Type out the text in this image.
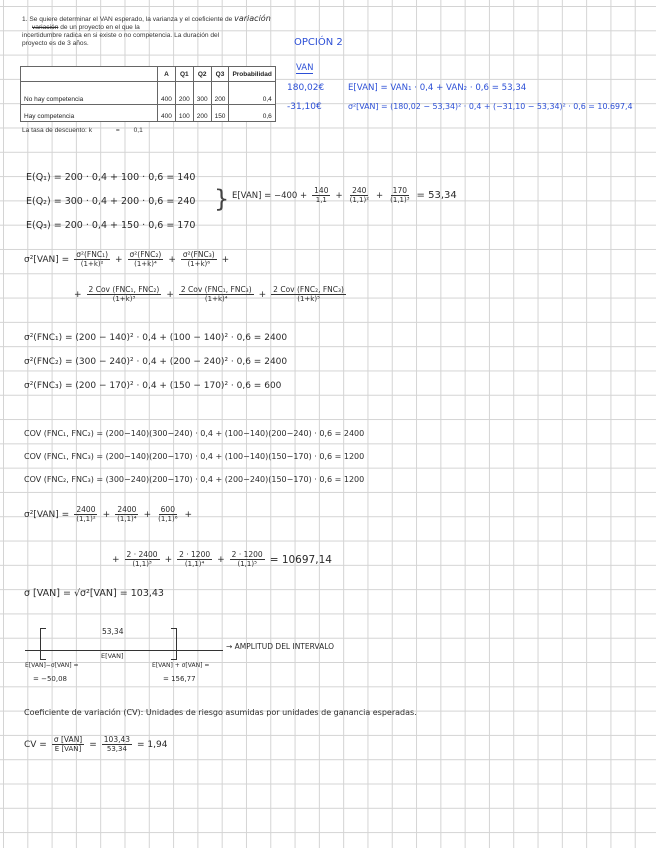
1. Se quiere determinar el VAN esperado, la varianza y el coeficiente de variación
variación de un proyecto en el que la
incertidumbre radica en si existe o no competencia. La duración del
proyecto es de 3 años.
	A	Q1	Q2	Q3	Probabilidad
No hay competencia	400	200	300	200	0,4
Hay competencia	400	100	200	150	0,6
La tasa de descuento: k	= 0,1
OPCIÓN 2
VAN
180,02€
-31,10€
E[VAN] = VAN₁ · 0,4 + VAN₂ · 0,6 = 53,34
σ²[VAN] = (180,02 − 53,34)² · 0,4 + (−31,10 − 53,34)² · 0,6 = 10.697,4
E(Q₁) = 200 · 0,4 + 100 · 0,6 = 140
E(Q₂) = 300 · 0,4 + 200 · 0,6 = 240
E(Q₃) = 200 · 0,4 + 150 · 0,6 = 170
} $E[VAN] = -400 + \frac{140}{1,1} + \frac{240}{\text{(1,1)²}} + \frac{170}{\text{(1,1)³}} = 53,34$
$\sigma^2[VAN] = \frac{\text{σ²(FNC₁)}}{\text{(1+k)²}} + \frac{\text{σ²(FNC₂)}}{\text{(1+k)⁴}} + \frac{\text{σ²(FNC₃)}}{\text{(1+k)⁶}}$ +
+ $\frac{\text{2 Cov (FNC₁, FNC₂)}}{\text{(1+k)³}} + \frac{\text{2 Cov (FNC₁, FNC₃)}}{\text{(1+k)⁴}} + \frac{\text{2 Cov (FNC₂, FNC₃)}}{\text{(1+k)⁵}}$
σ²(FNC₁) = (200 − 140)² · 0,4 + (100 − 140)² · 0,6 = 2400
σ²(FNC₂) = (300 − 240)² · 0,4 + (200 − 240)² · 0,6 = 2400
σ²(FNC₃) = (200 − 170)² · 0,4 + (150 − 170)² · 0,6 = 600
COV (FNC₁, FNC₂) = (200−140)(300−240) · 0,4 + (100−140)(200−240) · 0,6 = 2400
COV (FNC₁, FNC₃) = (200−140)(200−170) · 0,4 + (100−140)(150−170) · 0,6 = 1200
COV (FNC₂, FNC₃) = (300−240)(200−170) · 0,4 + (200−240)(150−170) · 0,6 = 1200
$\sigma^2[VAN] = \frac{2400}{\text{(1,1)²}} + \frac{2400}{\text{(1,1)⁴}} + \frac{600}{\text{(1,1)⁶}}$ +
+ $\frac{2 \cdot 2400}{\text{(1,1)³}} + \frac{2 \cdot 1200}{\text{(1,1)⁴}} + \frac{2 \cdot 1200}{\text{(1,1)⁵}} = 10697,14$
σ [VAN] = √σ²[VAN] = 103,43
53,34
E[VAN]
E[VAN]−σ[VAN] =
= −50,08
E[VAN] + σ[VAN] =
= 156,77
→ AMPLITUD DEL INTERVALO
Coeficiente de variación (CV): Unidades de riesgo asumidas por unidades de ganancia esperadas.
CV = $\frac{\text{σ [VAN]}}{\text{E [VAN]}} = \frac{103,43}{53,34} = 1,94$
